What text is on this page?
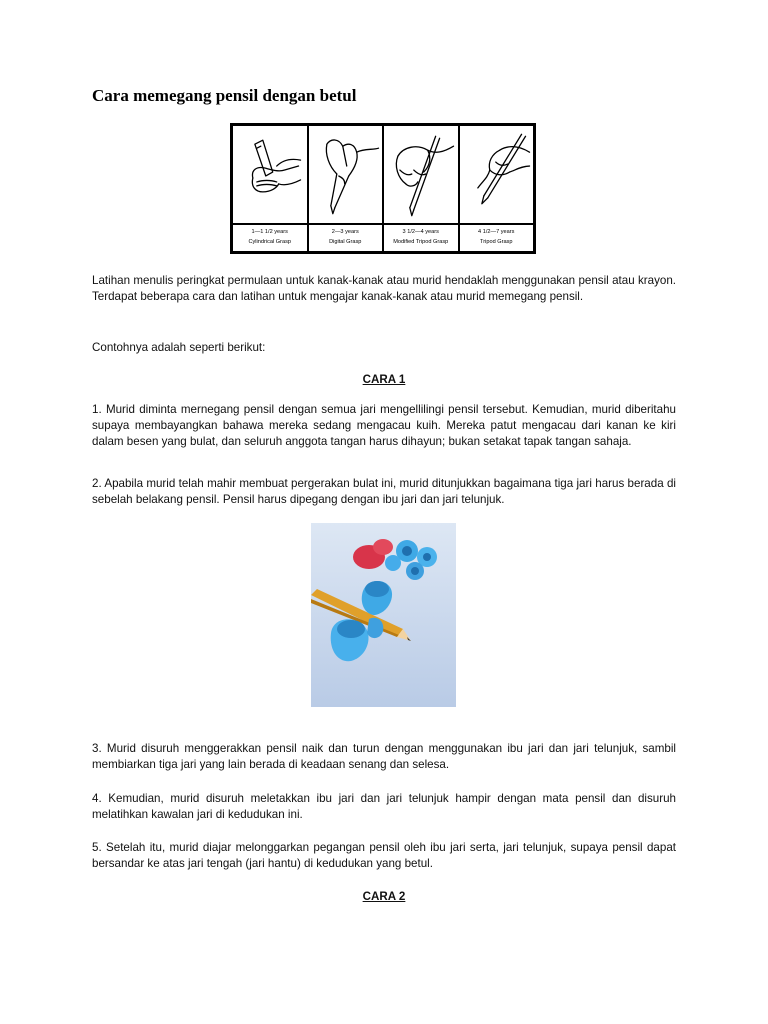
Cara memegang pensil dengan betul
1—1 1/2 years
Cylindrical Grasp
2—3 years
Digital Grasp
3 1/2—4 years
Modified Tripod Grasp
4 1/2—7 years
Tripod Grasp
Latihan menulis peringkat permulaan untuk kanak-kanak atau murid hendaklah menggunakan pensil atau krayon. Terdapat beberapa cara dan latihan untuk mengajar kanak-kanak atau murid memegang pensil.
Contohnya adalah seperti berikut:
CARA 1
1. Murid diminta mernegang pensil dengan semua jari mengellilingi pensil tersebut. Kemudian, murid diberitahu supaya membayangkan bahawa mereka sedang mengacau kuih. Mereka patut mengacau dari kanan ke kiri dalam besen yang bulat, dan seluruh anggota tangan harus dihayun; bukan setakat tapak tangan sahaja.
2. Apabila murid telah mahir membuat pergerakan bulat ini, murid ditunjukkan bagaimana tiga jari harus berada di sebelah belakang pensil. Pensil harus dipegang dengan ibu jari dan jari telunjuk.
3. Murid disuruh menggerakkan pensil naik dan turun dengan menggunakan ibu jari dan jari telunjuk, sambil membiarkan tiga jari yang lain berada di keadaan senang dan selesa.
4. Kemudian, murid disuruh meletakkan ibu jari dan jari telunjuk hampir dengan mata pensil dan disuruh melatihkan kawalan jari di kedudukan ini.
5. Setelah itu, murid diajar melonggarkan pegangan pensil oleh ibu jari serta, jari telunjuk, supaya pensil dapat bersandar ke atas jari tengah (jari hantu) di kedudukan yang betul.
CARA 2
